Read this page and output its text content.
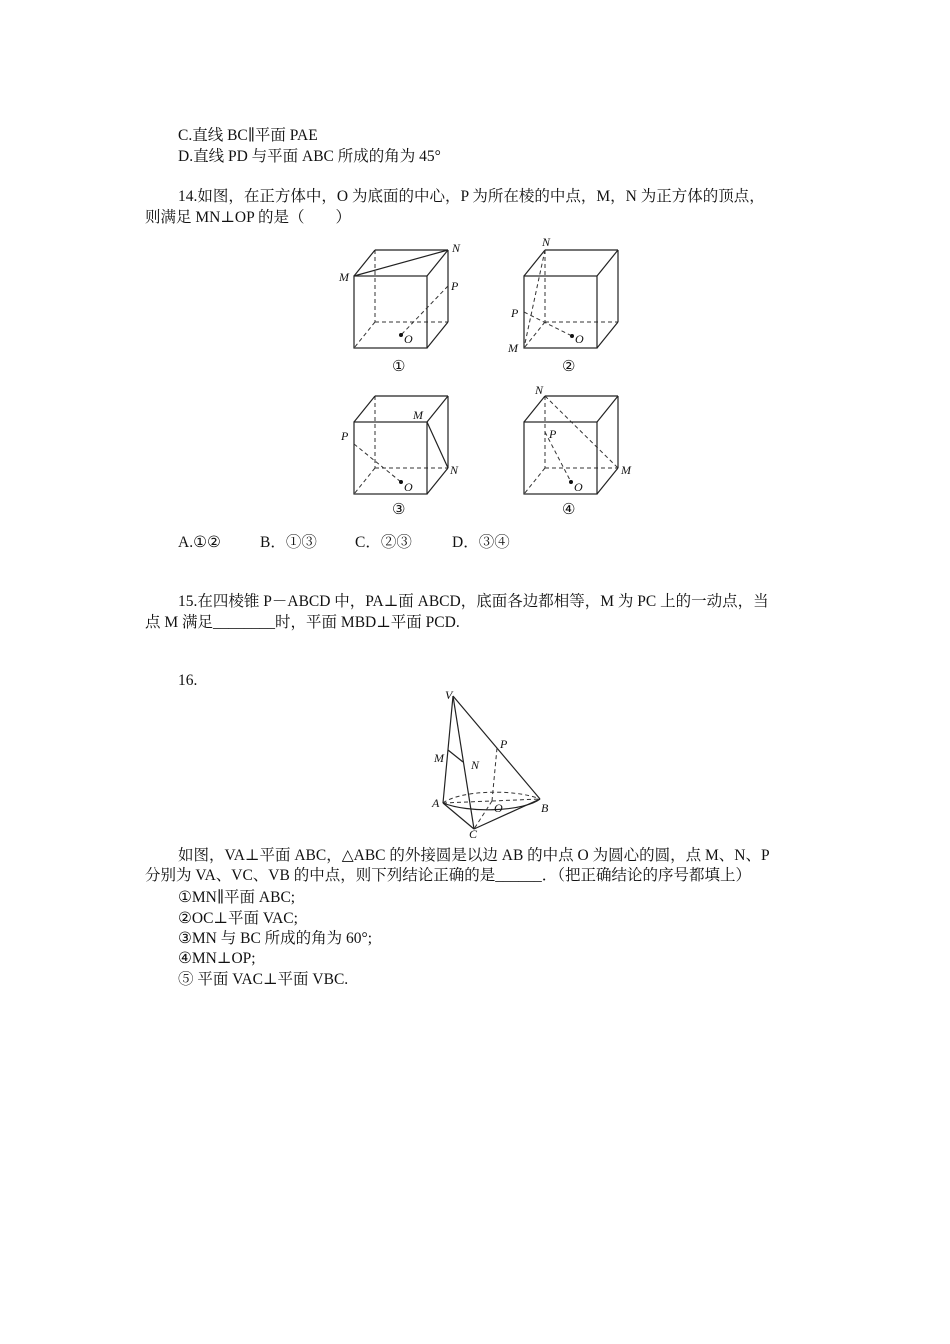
C.直线 BC∥平面 PAE
D.直线 PD 与平面 ABC 所成的角为 45°
14.如图，在正方体中，O 为底面的中心，P 为所在棱的中点，M，N 为正方体的顶点，
则满足 MN⊥OP 的是（　　）
M
N
P
O
①
N
P
M
O
②
M
P
N
O
③
N
P
M
O
④
A.①②	B．①③ C．②③	D．③④
15.在四棱锥 P－ABCD 中，PA⊥面 ABCD，底面各边都相等，M 为 PC 上的一动点，当
点 M 满足________时，平面 MBD⊥平面 PCD.
16.
V
M N
P
A	O	B
C
如图，VA⊥平面 ABC，△ABC 的外接圆是以边 AB 的中点 O 为圆心的圆，点 M、N、P
分别为 VA、VC、VB 的中点，则下列结论正确的是______．（把正确结论的序号都填上）
①MN∥平面 ABC;
②OC⊥平面 VAC;
③MN 与 BC 所成的角为 60°;
④MN⊥OP;
⑤ 平面 VAC⊥平面 VBC.
